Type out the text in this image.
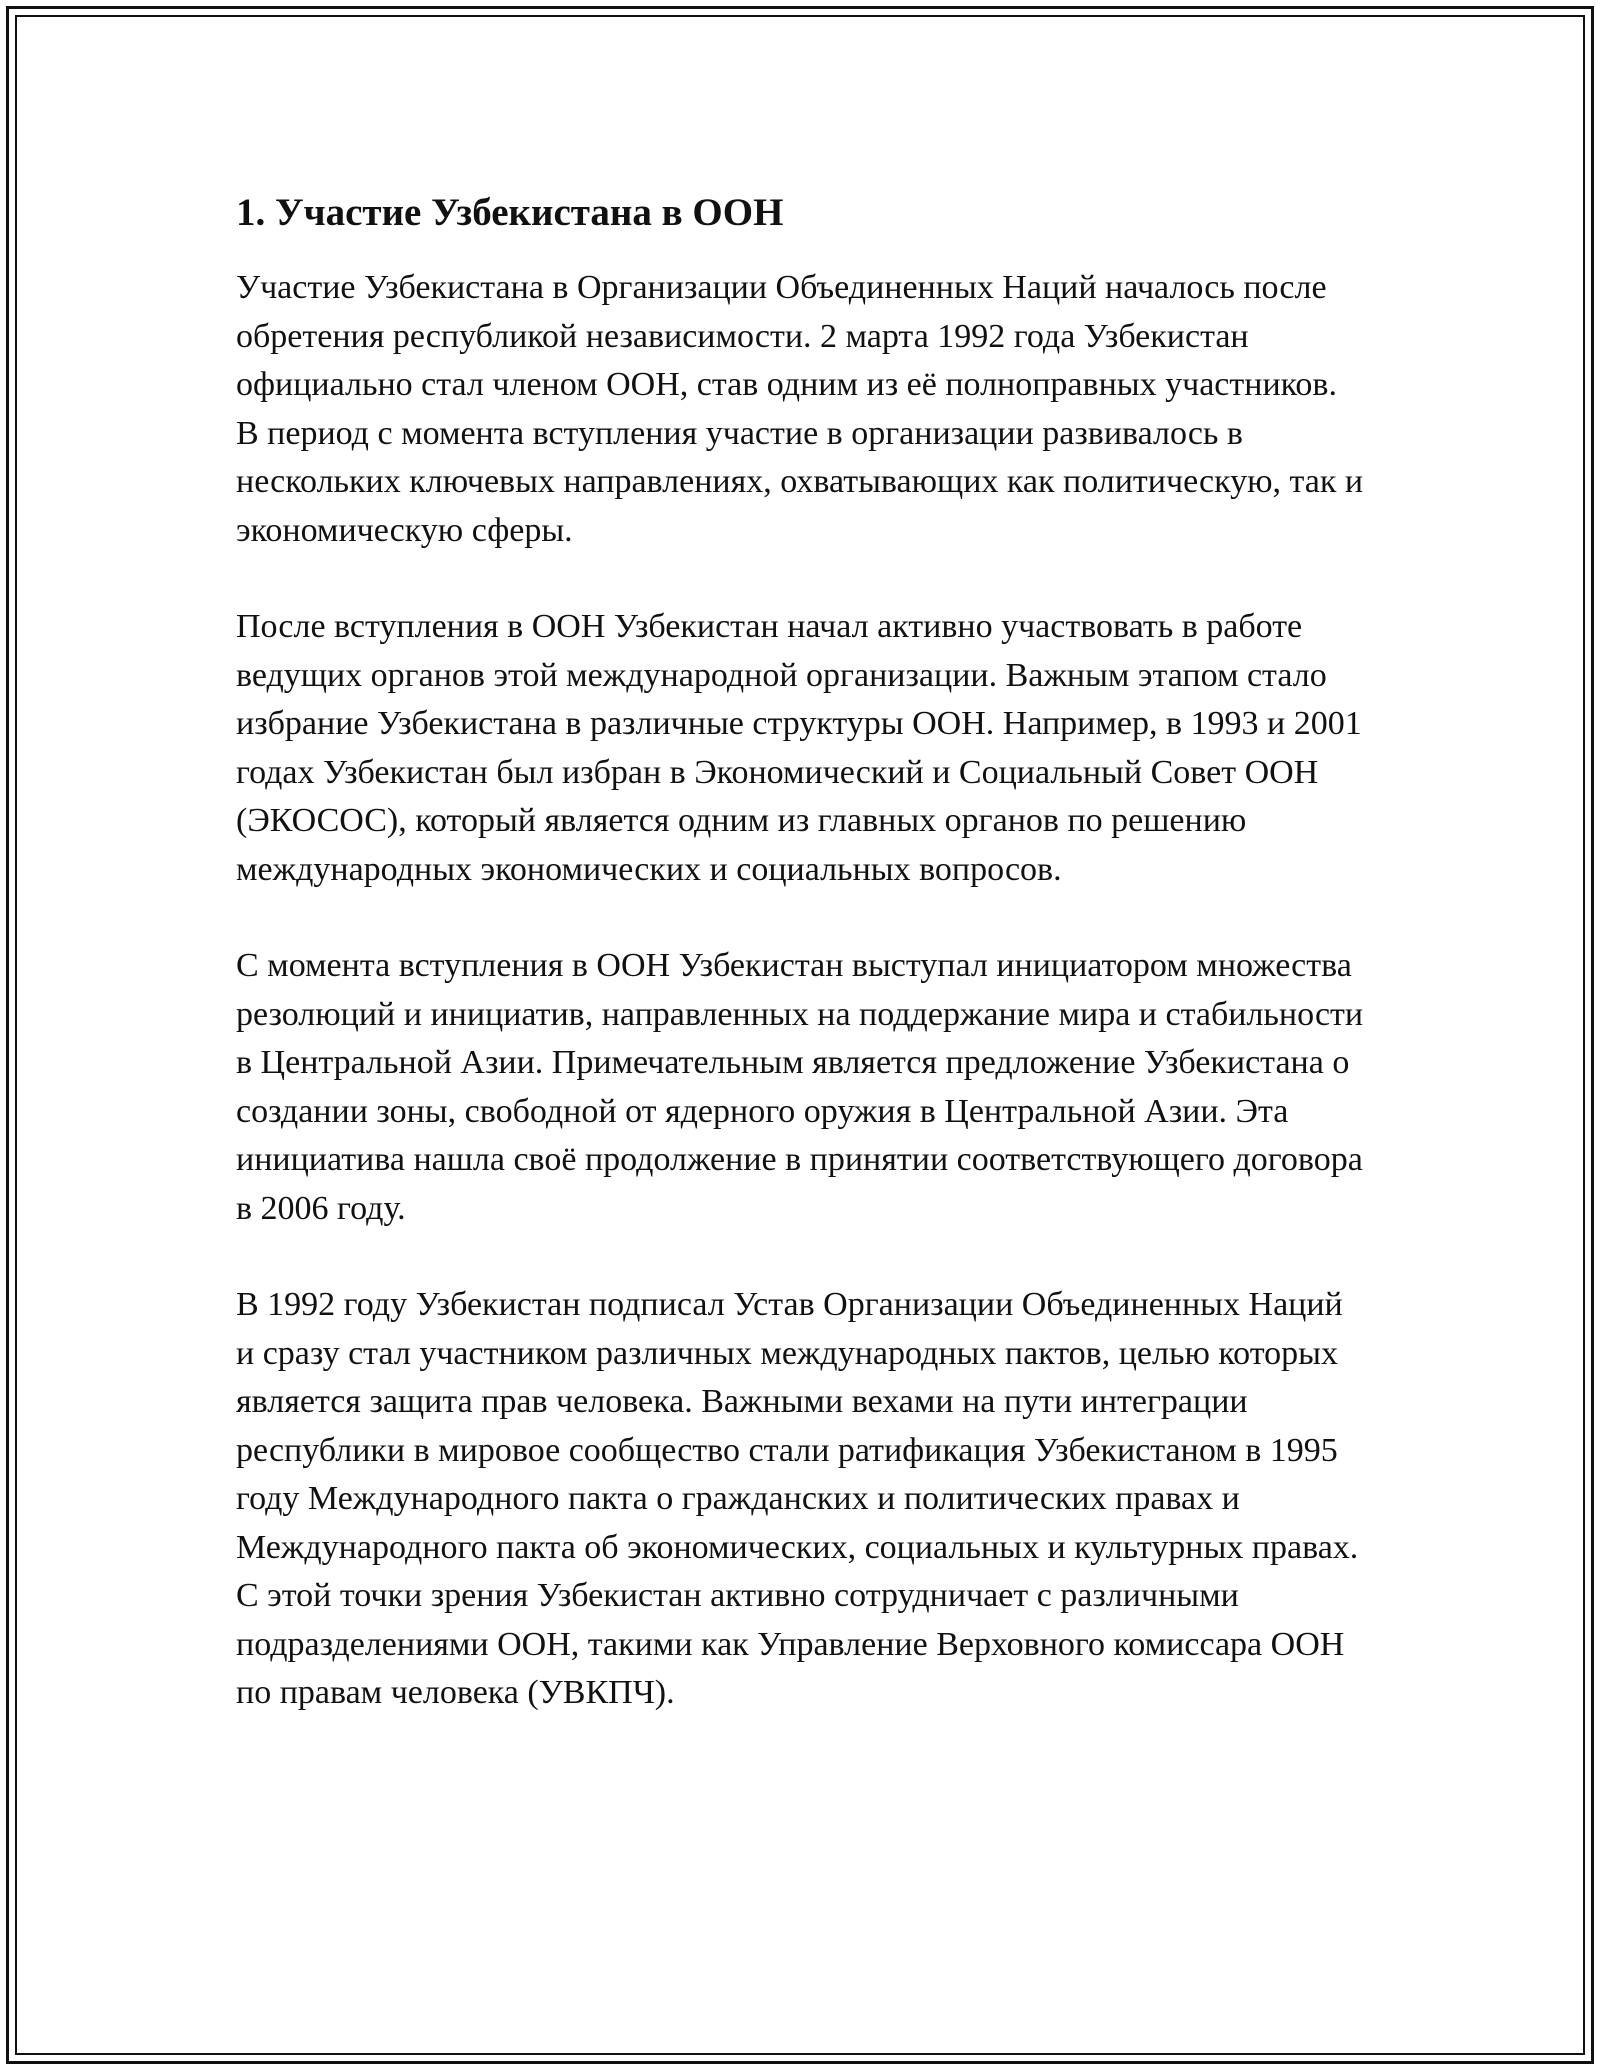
1. Участие Узбекистана в ООН

Участие Узбекистана в Организации Объединенных Наций началось после обретения республикой независимости. 2 марта 1992 года Узбекистан официально стал членом ООН, став одним из её полноправных участников. В период с момента вступления участие в организации развивалось в нескольких ключевых направлениях, охватывающих как политическую, так и экономическую сферы.

После вступления в ООН Узбекистан начал активно участвовать в работе ведущих органов этой международной организации. Важным этапом стало избрание Узбекистана в различные структуры ООН. Например, в 1993 и 2001 годах Узбекистан был избран в Экономический и Социальный Совет ООН (ЭКОСОС), который является одним из главных органов по решению международных экономических и социальных вопросов.

С момента вступления в ООН Узбекистан выступал инициатором множества резолюций и инициатив, направленных на поддержание мира и стабильности в Центральной Азии. Примечательным является предложение Узбекистана о создании зоны, свободной от ядерного оружия в Центральной Азии. Эта инициатива нашла своё продолжение в принятии соответствующего договора в 2006 году.

В 1992 году Узбекистан подписал Устав Организации Объединенных Наций и сразу стал участником различных международных пактов, целью которых является защита прав человека. Важными вехами на пути интеграции республики в мировое сообщество стали ратификация Узбекистаном в 1995 году Международного пакта о гражданских и политических правах и Международного пакта об экономических, социальных и культурных правах. С этой точки зрения Узбекистан активно сотрудничает с различными подразделениями ООН, такими как Управление Верховного комиссара ООН по правам человека (УВКПЧ).
